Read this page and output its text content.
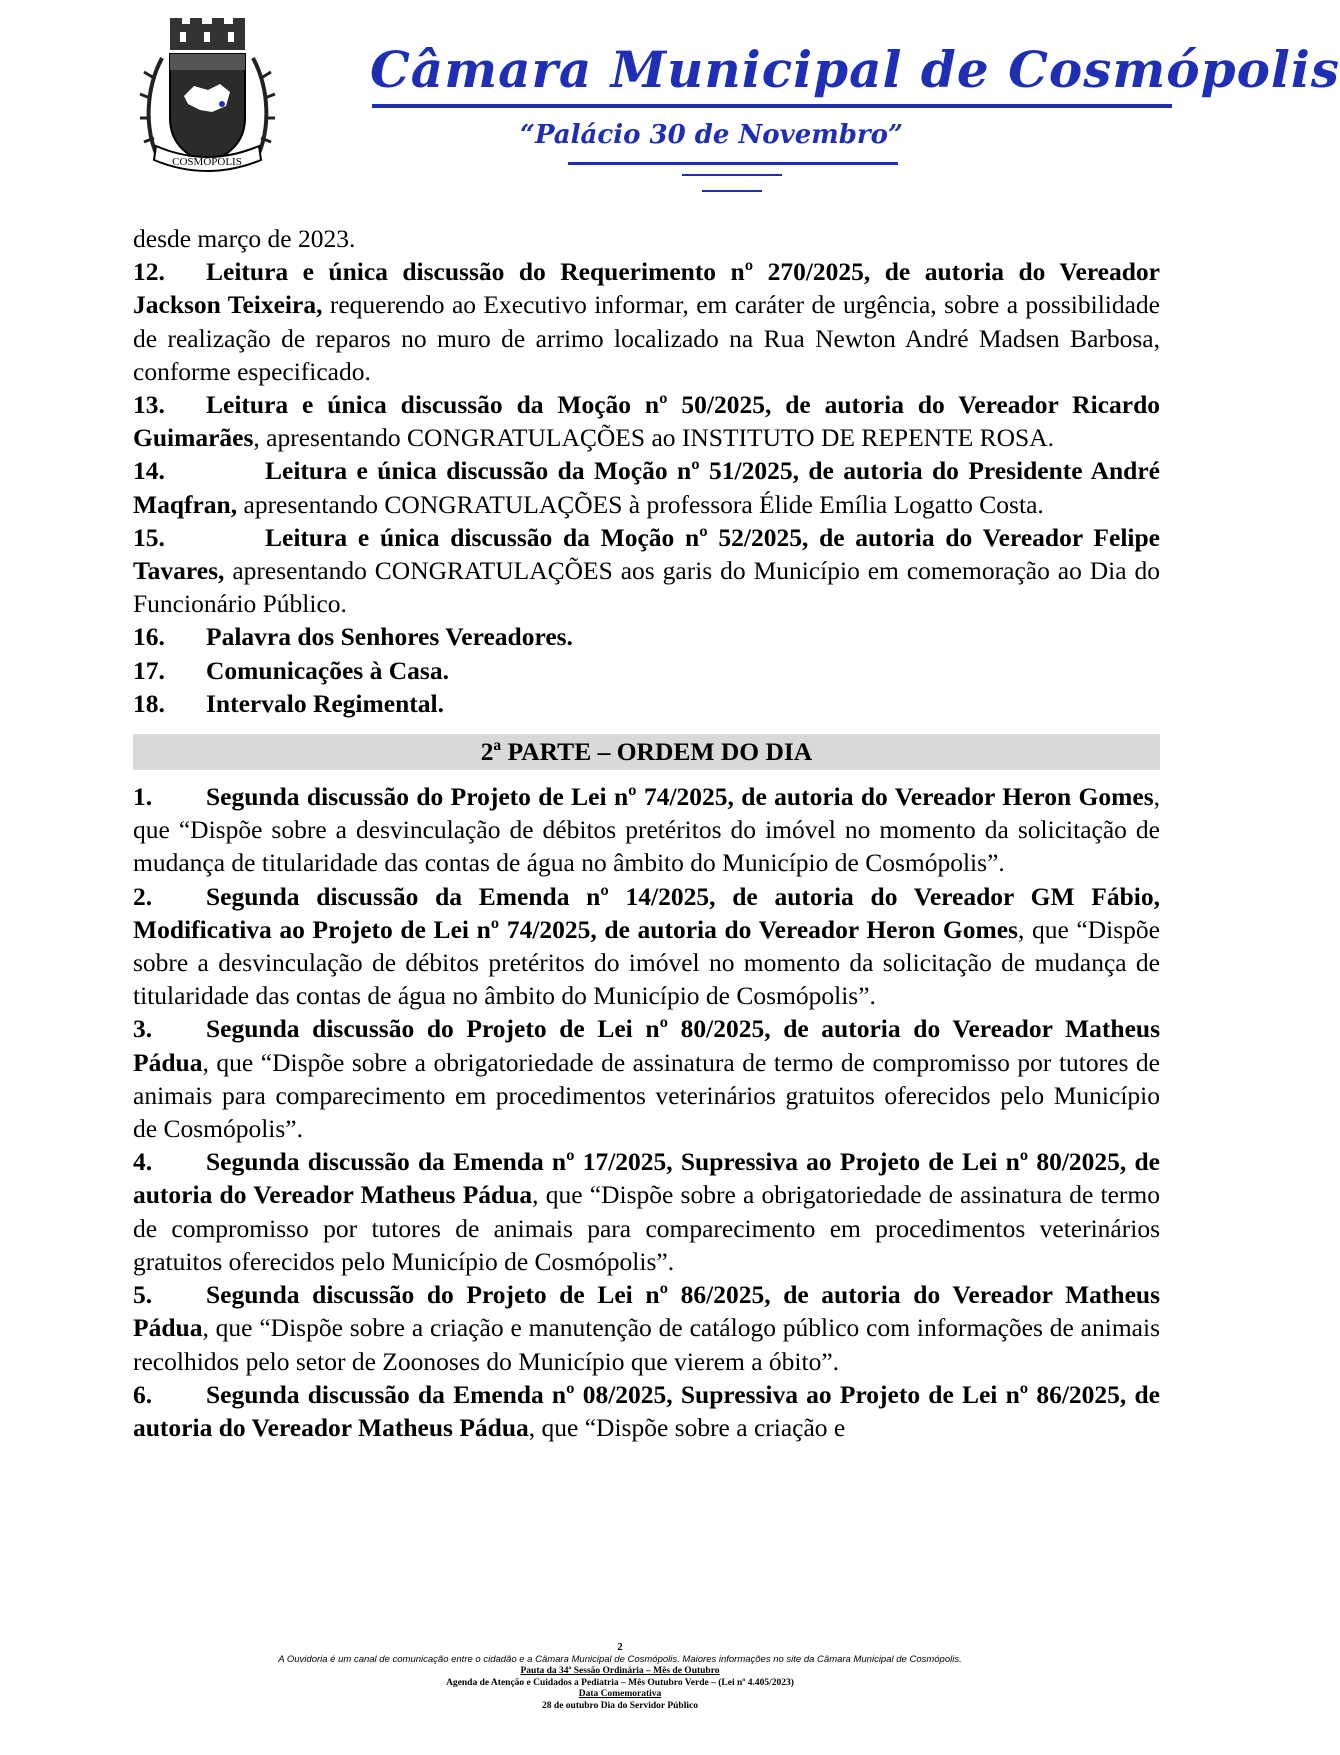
COSMOPOLIS
Câmara Municipal de Cosmópolis
“Palácio 30 de Novembro”

desde março de 2023.

12. Leitura e única discussão do Requerimento nº 270/2025, de autoria do Vereador Jackson Teixeira, requerendo ao Executivo informar, em caráter de urgência, sobre a possibilidade de realização de reparos no muro de arrimo localizado na Rua Newton André Madsen Barbosa, conforme especificado.

13. Leitura e única discussão da Moção nº 50/2025, de autoria do Vereador Ricardo Guimarães, apresentando CONGRATULAÇÕES ao INSTITUTO DE REPENTE ROSA.

14.	Leitura e única discussão da Moção nº 51/2025, de autoria do Presidente André Maqfran, apresentando CONGRATULAÇÕES à professora Élide Emília Logatto Costa.

15.	Leitura e única discussão da Moção nº 52/2025, de autoria do Vereador Felipe Tavares, apresentando CONGRATULAÇÕES aos garis do Município em comemoração ao Dia do Funcionário Público.

16. Palavra dos Senhores Vereadores.

17. Comunicações à Casa.

18. Intervalo Regimental.

2ª PARTE – ORDEM DO DIA

1. Segunda discussão do Projeto de Lei nº 74/2025, de autoria do Vereador Heron Gomes, que “Dispõe sobre a desvinculação de débitos pretéritos do imóvel no momento da solicitação de mudança de titularidade das contas de água no âmbito do Município de Cosmópolis”.

2. Segunda discussão da Emenda nº 14/2025, de autoria do Vereador GM Fábio, Modificativa ao Projeto de Lei nº 74/2025, de autoria do Vereador Heron Gomes, que “Dispõe sobre a desvinculação de débitos pretéritos do imóvel no momento da solicitação de mudança de titularidade das contas de água no âmbito do Município de Cosmópolis”.

3. Segunda discussão do Projeto de Lei nº 80/2025, de autoria do Vereador Matheus Pádua, que “Dispõe sobre a obrigatoriedade de assinatura de termo de compromisso por tutores de animais para comparecimento em procedimentos veterinários gratuitos oferecidos pelo Município de Cosmópolis”.

4. Segunda discussão da Emenda nº 17/2025, Supressiva ao Projeto de Lei nº 80/2025, de autoria do Vereador Matheus Pádua, que “Dispõe sobre a obrigatoriedade de assinatura de termo de compromisso por tutores de animais para comparecimento em procedimentos veterinários gratuitos oferecidos pelo Município de Cosmópolis”.

5. Segunda discussão do Projeto de Lei nº 86/2025, de autoria do Vereador Matheus Pádua, que “Dispõe sobre a criação e manutenção de catálogo público com informações de animais recolhidos pelo setor de Zoonoses do Município que vierem a óbito”.

6. Segunda discussão da Emenda nº 08/2025, Supressiva ao Projeto de Lei nº 86/2025, de autoria do Vereador Matheus Pádua, que “Dispõe sobre a criação e

2
A Ouvidoria é um canal de comunicação entre o cidadão e a Câmara Municipal de Cosmópolis. Maiores informações no site da Câmara Municipal de Cosmópolis.
Pauta da 34ª Sessão Ordinária – Mês de Outubro
Agenda de Atenção e Cuidados a Pediatria – Mês Outubro Verde – (Lei nº 4.405/2023)
Data Comemorativa
28 de outubro Dia do Servidor Público
